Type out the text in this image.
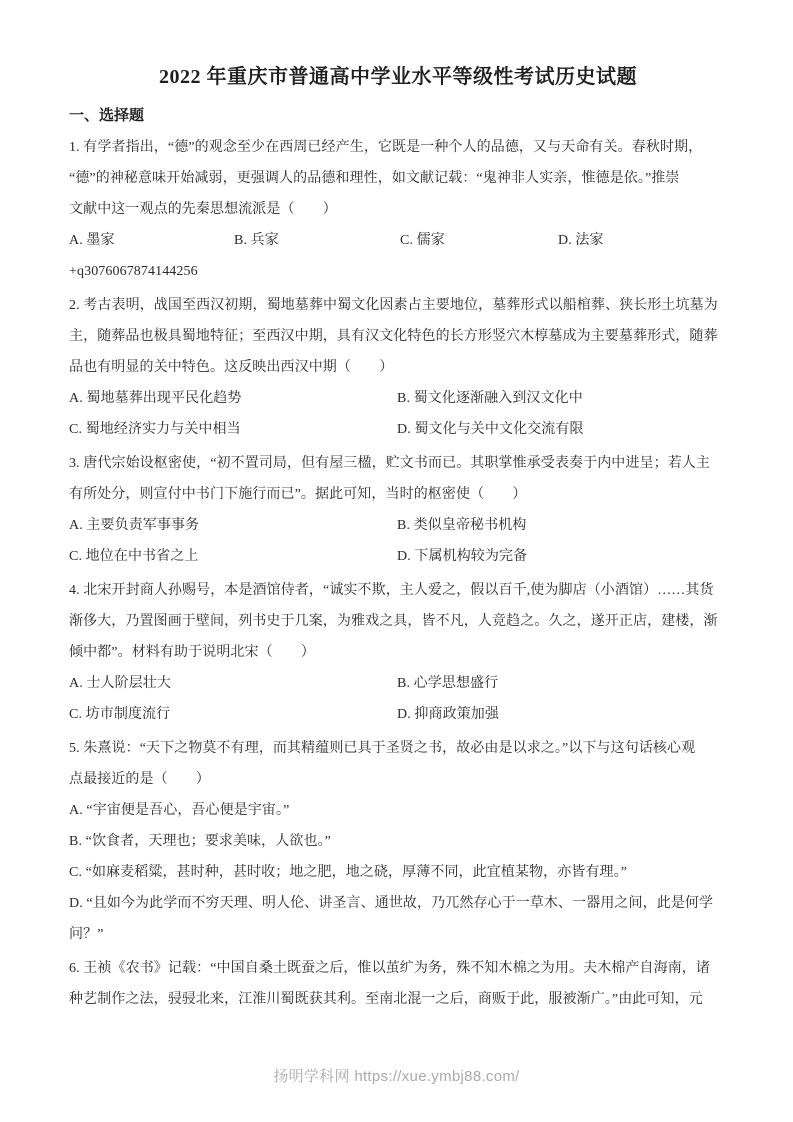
2022 年重庆市普通高中学业水平等级性考试历史试题
一、选择题
1. 有学者指出，“德”的观念至少在西周已经产生，它既是一种个人的品德，又与天命有关。春秋时期，
“德”的神秘意味开始减弱，更强调人的品德和理性，如文献记载：“鬼神非人实亲，惟德是依。”推崇
文献中这一观点的先秦思想流派是（　　）
A. 墨家	B. 兵家	C. 儒家	D. 法家
+q3076067874144256
2. 考古表明，战国至西汉初期，蜀地墓葬中蜀文化因素占主要地位，墓葬形式以船棺葬、狭长形土坑墓为
主，随葬品也极具蜀地特征；至西汉中期，具有汉文化特色的长方形竖穴木椁墓成为主要墓葬形式，随葬
品也有明显的关中特色。这反映出西汉中期（　　）
A. 蜀地墓葬出现平民化趋势	B. 蜀文化逐渐融入到汉文化中
C. 蜀地经济实力与关中相当	D. 蜀文化与关中文化交流有限
3. 唐代宗始设枢密使，“初不置司局，但有屋三楹，贮文书而已。其职掌惟承受表奏于内中进呈；若人主
有所处分，则宣付中书门下施行而已”。据此可知，当时的枢密使（　　）
A. 主要负责军事事务	B. 类似皇帝秘书机构
C. 地位在中书省之上	D. 下属机构较为完备
4. 北宋开封商人孙赐号，本是酒馆侍者，“诚实不欺，主人爱之，假以百千,使为脚店（小酒馆）……其货
渐侈大，乃置图画于壁间，列书史于几案，为雅戏之具，皆不凡，人竞趋之。久之，遂开正店，建楼，渐
倾中都”。材料有助于说明北宋（　　）
A. 士人阶层壮大	B. 心学思想盛行
C. 坊市制度流行	D. 抑商政策加强
5. 朱熹说：“天下之物莫不有理，而其精蕴则已具于圣贤之书，故必由是以求之。”以下与这句话核心观
点最接近的是（　　）
A. “宇宙便是吾心，吾心便是宇宙。”
B. “饮食者，天理也；要求美味，人欲也。”
C. “如麻麦稻粱，甚时种，甚时收；地之肥，地之硗，厚薄不同，此宜植某物，亦皆有理。”
D. “且如今为此学而不穷天理、明人伦、讲圣言、通世故，乃兀然存心于一草木、一器用之间，此是何学
问？”
6. 王祯《农书》记载：“中国自桑土既蚕之后，惟以茧纩为务，殊不知木棉之为用。夫木棉产自海南，诸
种艺制作之法，骎骎北来，江淮川蜀既获其利。至南北混一之后，商贩于此，服被渐广。”由此可知，元
扬明学科网 https://xue.ymbj88.com/
